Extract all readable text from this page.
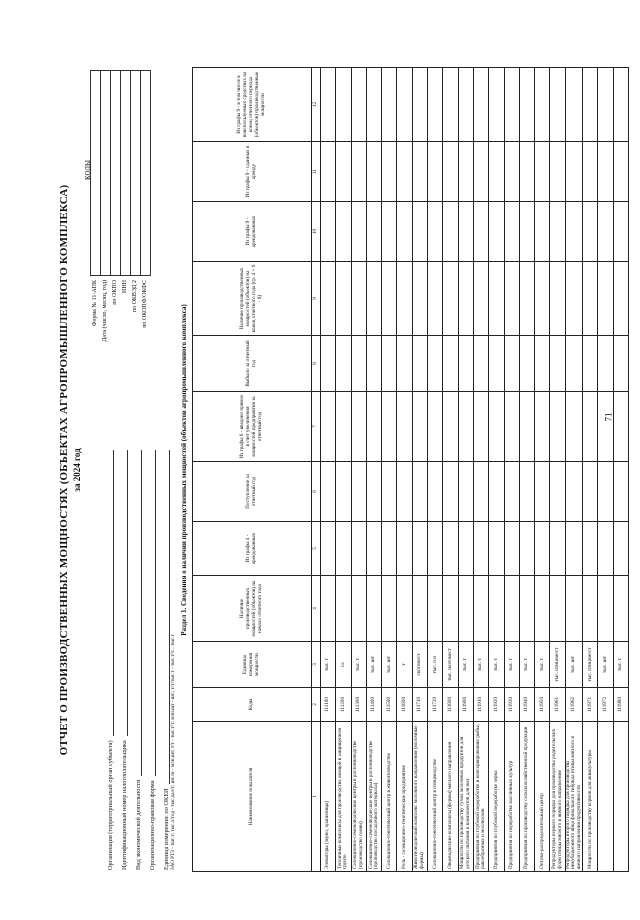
71
ОТЧЕТ О ПРОИЗВОДСТВЕННЫХ МОЩНОСТЯХ (ОБЪЕКТАХ АГРОПРОМЫШЛЕННОГО КОМПЛЕКСА) за 2024 год
КОДЫ
Организация (территориальный орган субъекта) Идентификационный номер налогоплательщика Вид экономической деятельности Организационно-правовая форма Единица измерения: по ОКЕИ
Форма № 11-АПК Дата (число, месяц, год) по ОКПО ИНН по ОКВЭД 2 по ОКОПФ/ОКФС
ЗАО РТЗ - тыс.т; тыс.л/год - тыс.дал/т; шт./м - млн.шт; т/т - тыс.т/т; млн.шт - шт.; т/т/тыс.т - тыс.т/т... тыс.т
Раздел 1. Сведения о наличии производственных мощностей (объектов агропромышленного комплекса)
Наименование показателя	Коды	Единица измерения мощности	Наличие производственных мощностей (объектов) на начало отчетного года	Из графы 4 - арендованных	Поступление за отчетный год	Из графы 6 - введено прямое в счет увеличения мощностей предприятия за отчетный год	Выбыло за отчетный год	Наличие производственных мощностей (объектов) на конец отчетного года (гр. 4 + 6 - 8)	Из графы 9 - арендованных	Из графы 9 - сданных в аренду	Из графы 9 - в том числе в неиспользуемых средствах на конец отчетного периода (объектов) производственные мощности
1	2	3	4	5	6	7	8	9	10	11	12
Элеваторы (зерно, хранилища)	111100	тыс. т									
Тепличные комплексы для производства овощей в защищенном грунте	111200	га									
Селекционно-семеноводческие центры в растениеводстве (производство семян)	111300	тыс. т									
Селекционно-семеноводческие центры в растениеводстве (производство посадочного материала)	111400	тыс. шт									
Селекционно-генетический центр в животноводстве	111500	тыс. шт									
Роль - селекционно-генетические предприятия	111600	т									
Животноводческий комплекс молочного направления (молочные фермы)	111710	скотомест									
Селекционно-генетический центр в птицеводстве	111720	тыс. гол									
Овцеводческие комплексы (фермы) мясного направления	111800	тыс. скотомест									
Мощности по производству сухих молочных продуктов для детского питания и компонентов для них	111900	тыс. т									
Предприятия по глубокой переработке и консервированию рыбы, ракообразных и моллюсков	111910	тыс. т									
Предприятия по глубокой переработке зерна	111920	тыс. т									
Предприятия по переработке масличных культур	111930	тыс. т									
Предприятия по производству сельскохозяйственной продукции	111940	тыс. т									
Оптово-распределительный центр	111950	тыс. т									
Репродукторы первого порядка для производства родительских форм птицы мясного и яичного направления	111961	тыс. птицемест									
Репродукторы второго порядка для производства инкубационного яйца финального гибрида птицы мясного и яичного направления продуктивности	111962	тыс. шт									
Мощности по производству кормов для аквакультуры	111971	тыс. птицемест									
	111972	тыс. шт									
	111980	тыс. т									
